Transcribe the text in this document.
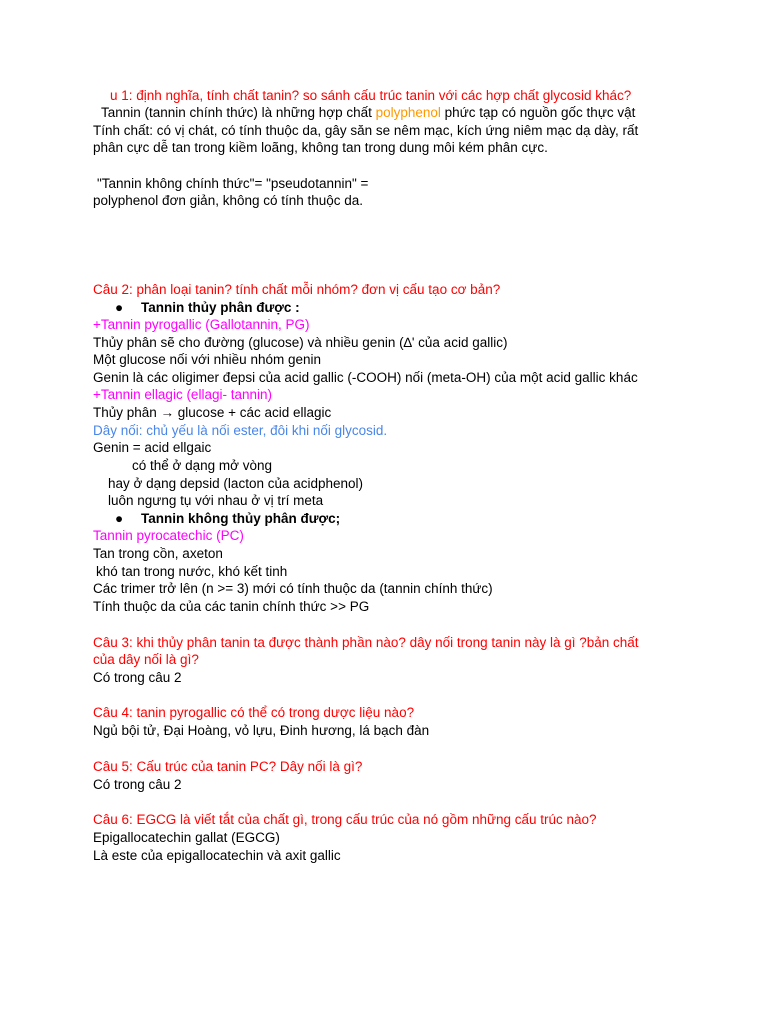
u 1: định nghĩa, tính chất tanin? so sánh cấu trúc tanin với các hợp chất glycosid khác?
Tannin (tannin chính thức) là những hợp chất polyphenol phức tạp có nguồn gốc thực vật
Tính chất: có vị chát, có tính thuộc da, gây săn se nêm mạc, kích ứng niêm mạc dạ dày, rất
phân cực dễ tan trong kiềm loãng, không tan trong dung môi kém phân cực.
"Tannin không chính thức"= "pseudotannin" =
polyphenol đơn giản, không có tính thuộc da.
Câu 2: phân loại tanin? tính chất mỗi nhóm? đơn vị cấu tạo cơ bản?
● Tannin thủy phân được :
+Tannin pyrogallic (Gallotannin, PG)
Thủy phân sẽ cho đường (glucose) và nhiều genin (∆' của acid gallic)
Một glucose nối với nhiều nhóm genin
Genin là các oligimer đepsi của acid gallic (-COOH) nối (meta-OH) của một acid gallic khác
+Tannin ellagic (ellagi- tannin)
Thủy phân → glucose + các acid ellagic
Dây nối: chủ yếu là nối ester, đôi khi nối glycosid.
Genin = acid ellgaic
có thể ở dạng mở vòng
hay ở dạng depsid (lacton của acidphenol)
luôn ngưng tụ với nhau ở vị trí meta
● Tannin không thủy phân được;
Tannin pyrocatechic (PC)
Tan trong cồn, axeton
khó tan trong nước, khó kết tinh
Các trimer trở lên (n >= 3) mới có tính thuộc da (tannin chính thức)
Tính thuộc da của các tanin chính thức >> PG
Câu 3: khi thủy phân tanin ta được thành phần nào? dây nối trong tanin này là gì ?bản chất
của dây nối là gì?
Có trong câu 2
Câu 4: tanin pyrogallic có thể có trong dược liệu nào?
Ngủ bội tử, Đại Hoàng, vỏ lựu, Đinh hương, lá bạch đàn
Câu 5: Cấu trúc của tanin PC? Dây nối là gì?
Có trong câu 2
Câu 6: EGCG là viết tắt của chất gì, trong cấu trúc của nó gồm những cấu trúc nào?
Epigallocatechin gallat (EGCG)
Là este của epigallocatechin và axit gallic
